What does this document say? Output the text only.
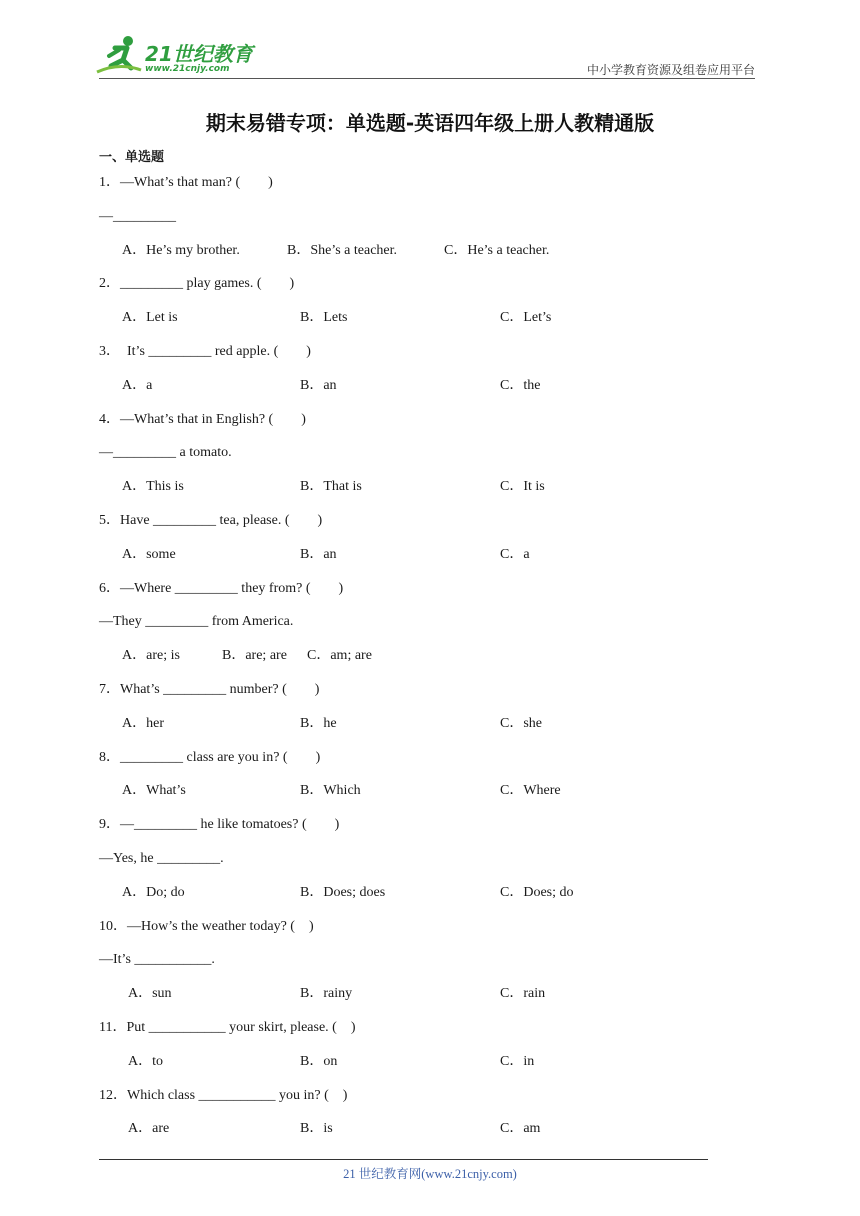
21世纪教育
www.21cnjy.com	中小学教育资源及组卷应用平台
期末易错专项：单选题-英语四年级上册人教精通版
一、单选题
1．—What’s that man? (　　)
—_________
A．He’s my brother.	B．She’s a teacher.	C．He’s a teacher.
2．_________ play games. (　　)
A．Let is	B．Lets	C．Let’s
3．  It’s _________ red apple. (　　)
A．a	B．an	C．the
4．—What’s that in English? (　　)
—_________ a tomato.
A．This is	B．That is	C．It is
5．Have _________ tea, please. (　　)
A．some	B．an	C．a
6．—Where _________ they from? (　　)
—They _________ from America.
A．are; is	B．are; are C．am; are
7．What’s _________ number? (　　)
A．her	B．he	C．she
8．_________ class are you in? (　　)
A．What’s	B．Which	C．Where
9．—_________ he like tomatoes? (　　)
—Yes, he _________.
A．Do; do	B．Does; does	C．Does; do
10．—How’s the weather today? (　)
—It’s ___________.
A．sun	B．rainy	C．rain
11．Put ___________ your skirt, please. (　)
A．to	B．on	C．in
12．Which class ___________ you in? (　)
A．are	B．is	C．am
21 世纪教育网(www.21cnjy.com)
